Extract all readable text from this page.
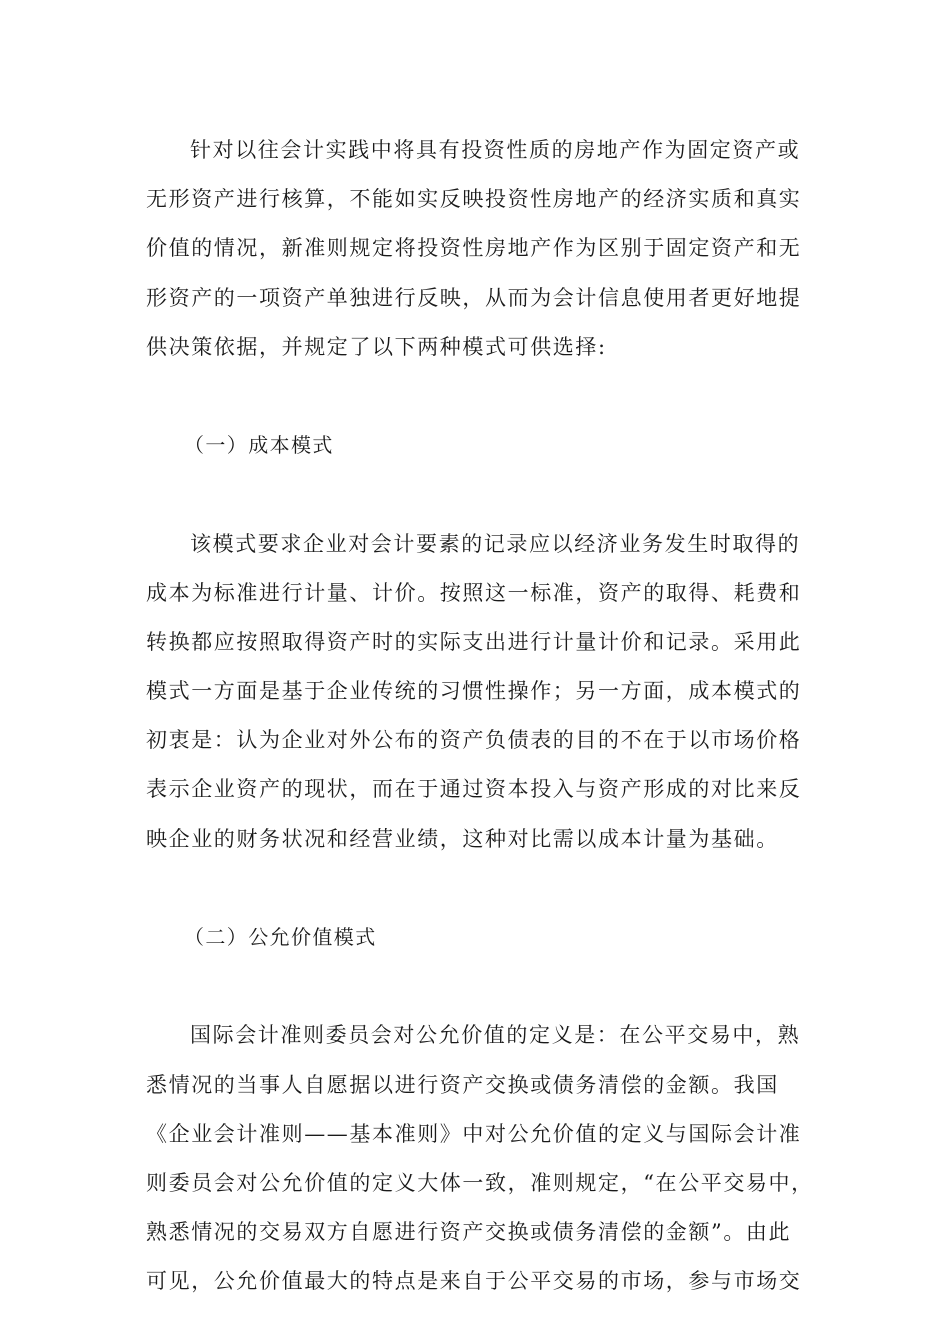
针对以往会计实践中将具有投资性质的房地产作为固定资产或
无形资产进行核算，不能如实反映投资性房地产的经济实质和真实
价值的情况，新准则规定将投资性房地产作为区别于固定资产和无
形资产的一项资产单独进行反映，从而为会计信息使用者更好地提
供决策依据，并规定了以下两种模式可供选择:
（一）成本模式
该模式要求企业对会计要素的记录应以经济业务发生时取得的
成本为标准进行计量、计价。按照这一标准，资产的取得、耗费和
转换都应按照取得资产时的实际支出进行计量计价和记录。采用此
模式一方面是基于企业传统的习惯性操作；另一方面，成本模式的
初衷是：认为企业对外公布的资产负债表的目的不在于以市场价格
表示企业资产的现状，而在于通过资本投入与资产形成的对比来反
映企业的财务状况和经营业绩，这种对比需以成本计量为基础。
（二）公允价值模式
国际会计准则委员会对公允价值的定义是：在公平交易中，熟
悉情况的当事人自愿据以进行资产交换或债务清偿的金额。我国
《企业会计准则——基本准则》中对公允价值的定义与国际会计准
则委员会对公允价值的定义大体一致，准则规定，“在公平交易中，
熟悉情况的交易双方自愿进行资产交换或债务清偿的金额”。由此
可见，公允价值最大的特点是来自于公平交易的市场，参与市场交
